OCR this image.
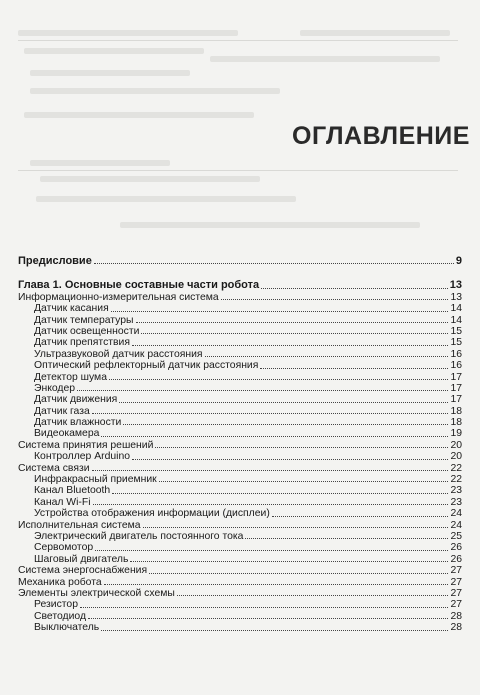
ОГЛАВЛЕНИЕ
Предисловие	9
Глава 1. Основные составные части робота	13
Информационно-измерительная система	13
Датчик касания	14
Датчик температуры	14
Датчик освещенности	15
Датчик препятствия	15
Ультразвуковой датчик расстояния	16
Оптический рефлекторный датчик расстояния	16
Детектор шума	17
Энкодер	17
Датчик движения	17
Датчик газа	18
Датчик влажности	18
Видеокамера	19
Система принятия решений	20
Контроллер Arduino	20
Система связи	22
Инфракрасный приемник	22
Канал Bluetooth	23
Канал Wi-Fi	23
Устройства отображения информации (дисплеи)	24
Исполнительная система	24
Электрический двигатель постоянного тока	25
Сервомотор	26
Шаговый двигатель	26
Система энергоснабжения	27
Механика робота	27
Элементы электрической схемы	27
Резистор	27
Светодиод	28
Выключатель	28
